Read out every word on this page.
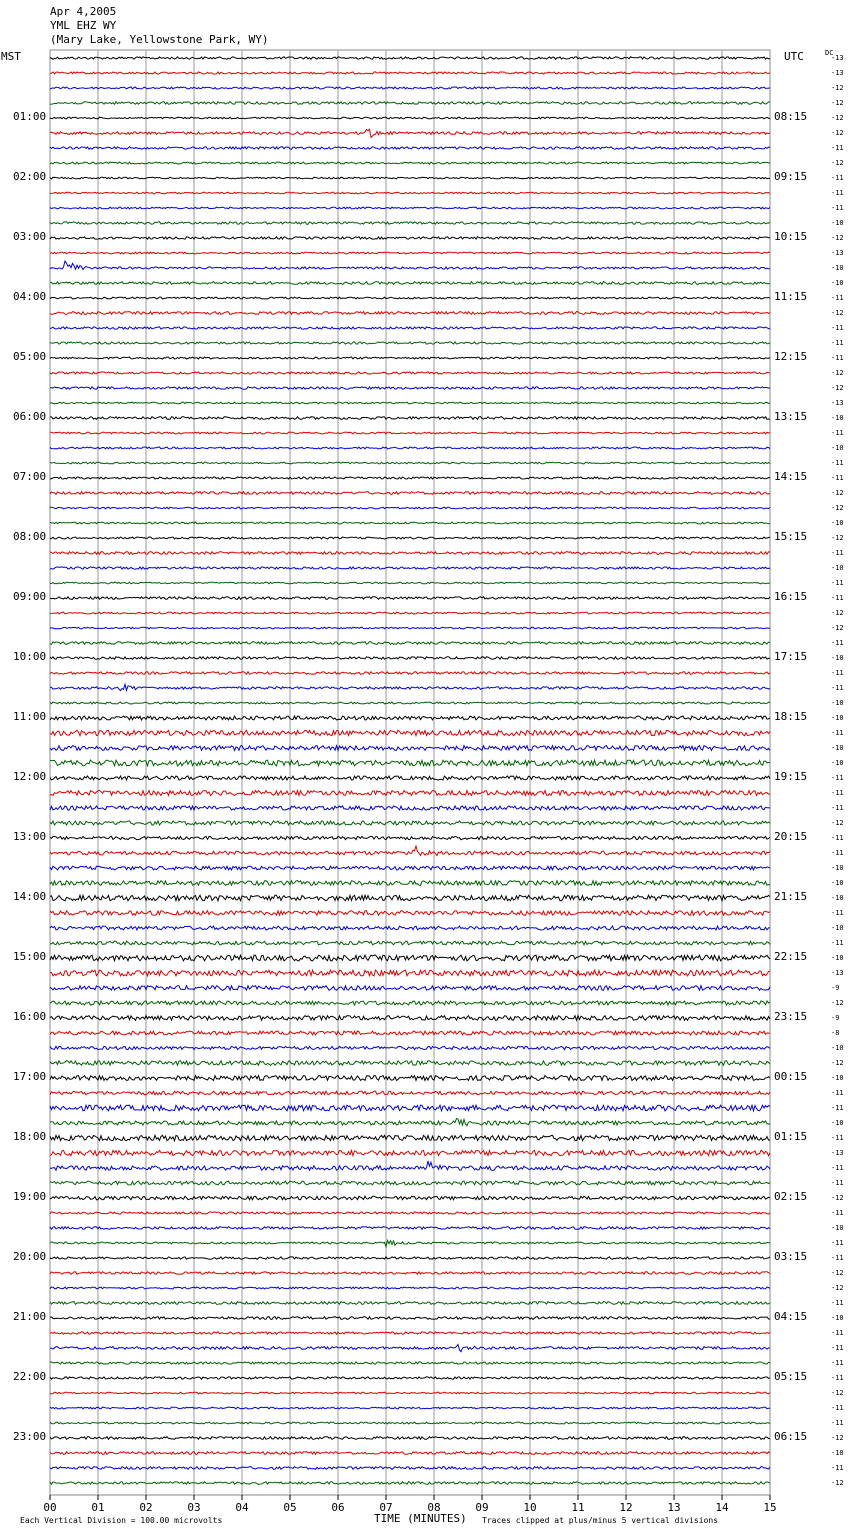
Apr 4,2005
YML EHZ WY
(Mary Lake, Yellowstone Park, WY)
MST	UTC	DC
00	01	02	03	04	05	06	07	08	09	10	11	12	13	14	15
01:00
02:00
03:00
04:00
05:00
06:00
07:00
08:00
09:00
10:00
11:00
12:00
13:00
14:00
15:00
16:00
17:00
18:00
19:00
20:00
21:00
22:00
23:00
08:15
09:15
10:15
11:15
12:15
13:15
14:15
15:15
16:15
17:15
18:15
19:15
20:15
21:15
22:15
23:15
00:15
01:15
02:15
03:15
04:15
05:15
06:15
-13
-13
-12
-12
-12
-12
-11
-12
-11
-11
-11
-10
-12
-13
-10
-10
-11
-12
-11
-11
-11
-12
-12
-13
-10
-11
-10
-11
-11
-12
-12
-10
-12
-11
-10
-11
-11
-12
-12
-11
-10
-11
-11
-10
-10
-11
-10
-10
-11
-11
-11
-12
-11
-11
-10
-10
-10
-11
-10
-11
-10
-13
-9
-12
-9
-8
-10
-12
-10
-11
-11
-10
-11
-13
-11
-11
-12
-11
-10
-11
-11
-12
-12
-11
-10
-11
-11
-11
-11
-12
-11
-11
-12
-10
-11
-12
Each Vertical Division = 100.00 microvolts	TIME (MINUTES) Traces clipped at plus/minus 5 vertical divisions
